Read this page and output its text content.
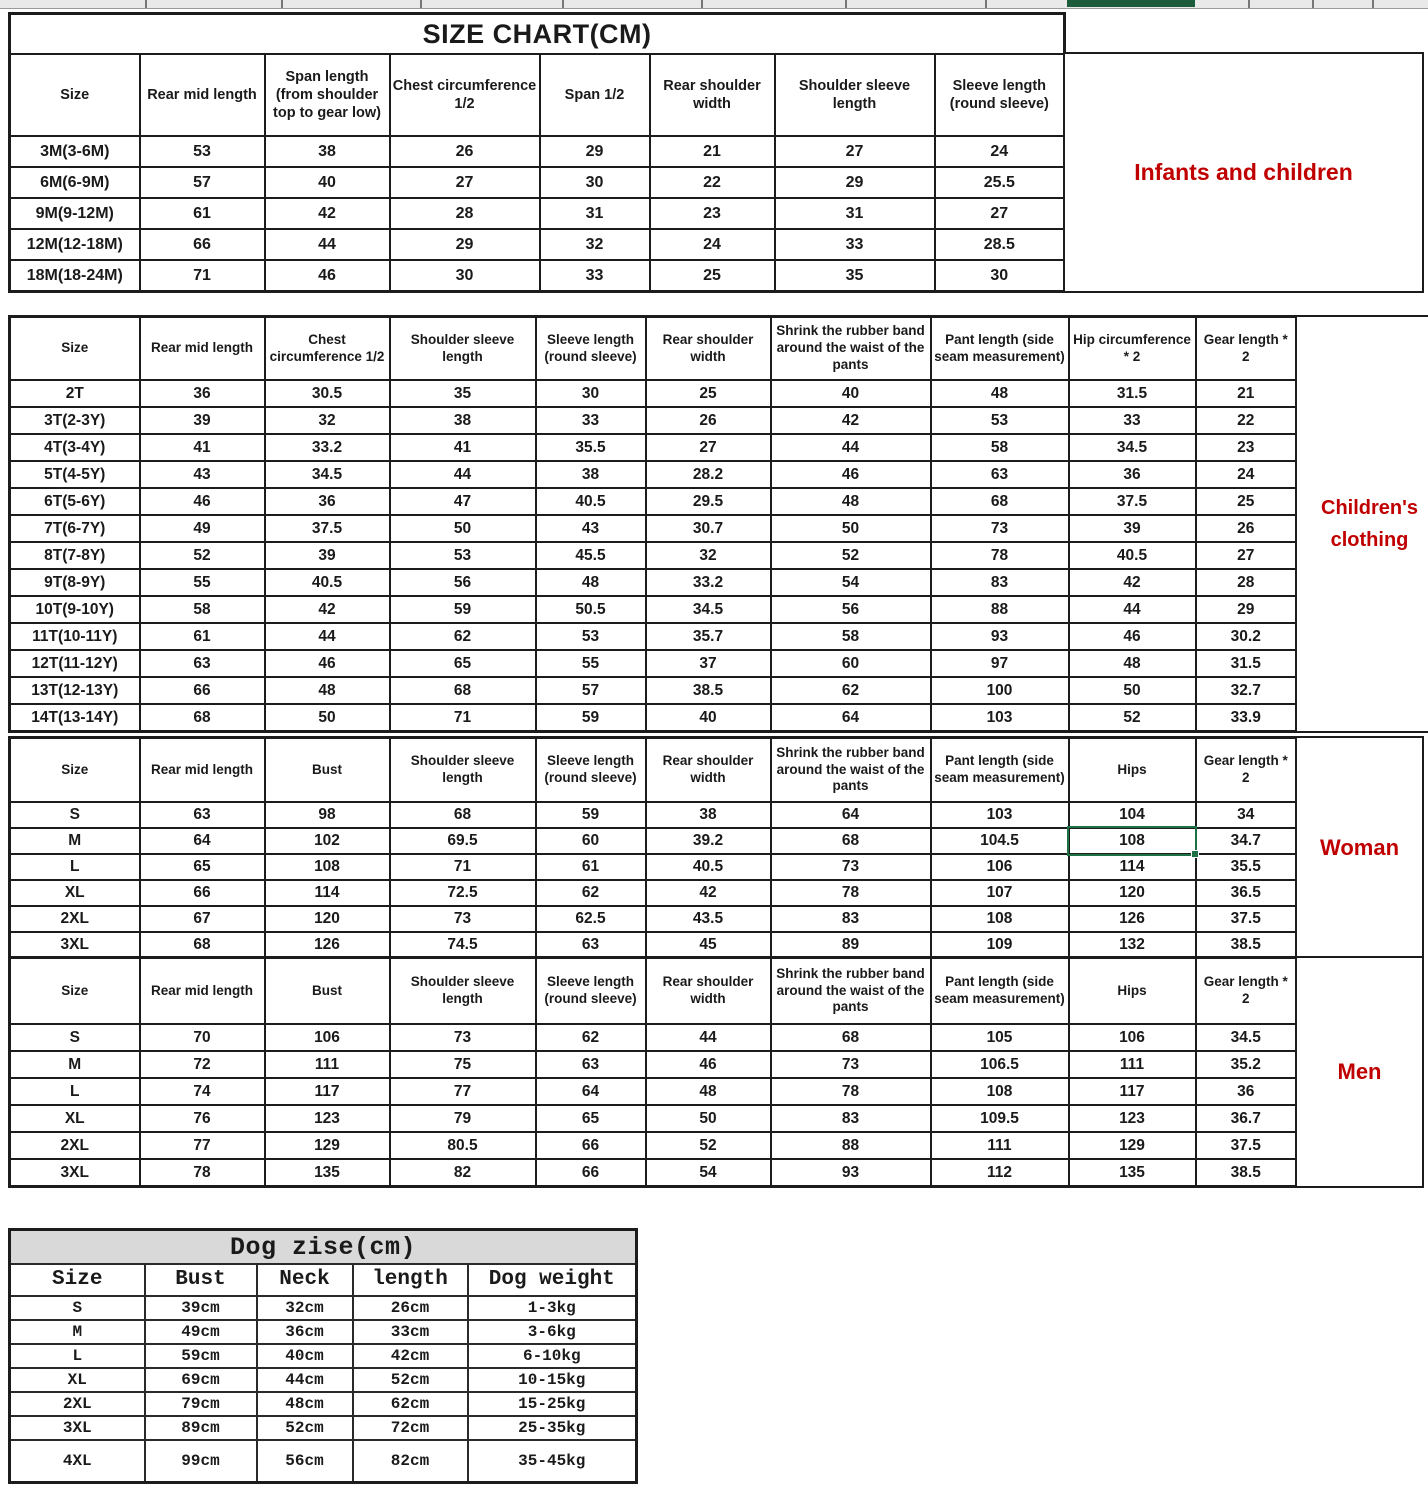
SIZE CHART(CM)							
Size	Rear mid length	Span length (from shoulder top to gear low)	Chest circumference 1/2	Span 1/2	Rear shoulder width	Shoulder sleeve length	Sleeve length (round sleeve)
3M(3-6M)	53	38	26	29	21	27	24
6M(6-9M)	57	40	27	30	22	29	25.5
9M(9-12M)	61	42	28	31	23	31	27
12M(12-18M)	66	44	29	32	24	33	28.5
18M(18-24M)	71	46	30	33	25	35	30
Infants and children
Size	Rear mid length	Chest circumference 1/2	Shoulder sleeve length	Sleeve length (round sleeve)	Rear shoulder width	Shrink the rubber band around the waist of the pants	Pant length (side seam measurement)	Hip circumference * 2	Gear length * 2
2T	36	30.5	35	30	25	40	48	31.5	21
3T(2-3Y)	39	32	38	33	26	42	53	33	22
4T(3-4Y)	41	33.2	41	35.5	27	44	58	34.5	23
5T(4-5Y)	43	34.5	44	38	28.2	46	63	36	24
6T(5-6Y)	46	36	47	40.5	29.5	48	68	37.5	25
7T(6-7Y)	49	37.5	50	43	30.7	50	73	39	26
8T(7-8Y)	52	39	53	45.5	32	52	78	40.5	27
9T(8-9Y)	55	40.5	56	48	33.2	54	83	42	28
10T(9-10Y)	58	42	59	50.5	34.5	56	88	44	29
11T(10-11Y)	61	44	62	53	35.7	58	93	46	30.2
12T(11-12Y)	63	46	65	55	37	60	97	48	31.5
13T(12-13Y)	66	48	68	57	38.5	62	100	50	32.7
14T(13-14Y)	68	50	71	59	40	64	103	52	33.9
Children's clothing
Size	Rear mid length	Bust	Shoulder sleeve length	Sleeve length (round sleeve)	Rear shoulder width	Shrink the rubber band around the waist of the pants	Pant length (side seam measurement)	Hips	Gear length * 2
S	63	98	68	59	38	64	103	104	34
M	64	102	69.5	60	39.2	68	104.5	108	34.7
L	65	108	71	61	40.5	73	106	114	35.5
XL	66	114	72.5	62	42	78	107	120	36.5
2XL	67	120	73	62.5	43.5	83	108	126	37.5
3XL	68	126	74.5	63	45	89	109	132	38.5
Woman
Size	Rear mid length	Bust	Shoulder sleeve length	Sleeve length (round sleeve)	Rear shoulder width	Shrink the rubber band around the waist of the pants	Pant length (side seam measurement)	Hips	Gear length * 2
S	70	106	73	62	44	68	105	106	34.5
M	72	111	75	63	46	73	106.5	111	35.2
L	74	117	77	64	48	78	108	117	36
XL	76	123	79	65	50	83	109.5	123	36.7
2XL	77	129	80.5	66	52	88	111	129	37.5
3XL	78	135	82	66	54	93	112	135	38.5
Men
Dog zise(cm)				
Size	Bust	Neck	length	Dog weight
S	39cm	32cm	26cm	1-3kg
M	49cm	36cm	33cm	3-6kg
L	59cm	40cm	42cm	6-10kg
XL	69cm	44cm	52cm	10-15kg
2XL	79cm	48cm	62cm	15-25kg
3XL	89cm	52cm	72cm	25-35kg
4XL	99cm	56cm	82cm	35-45kg
